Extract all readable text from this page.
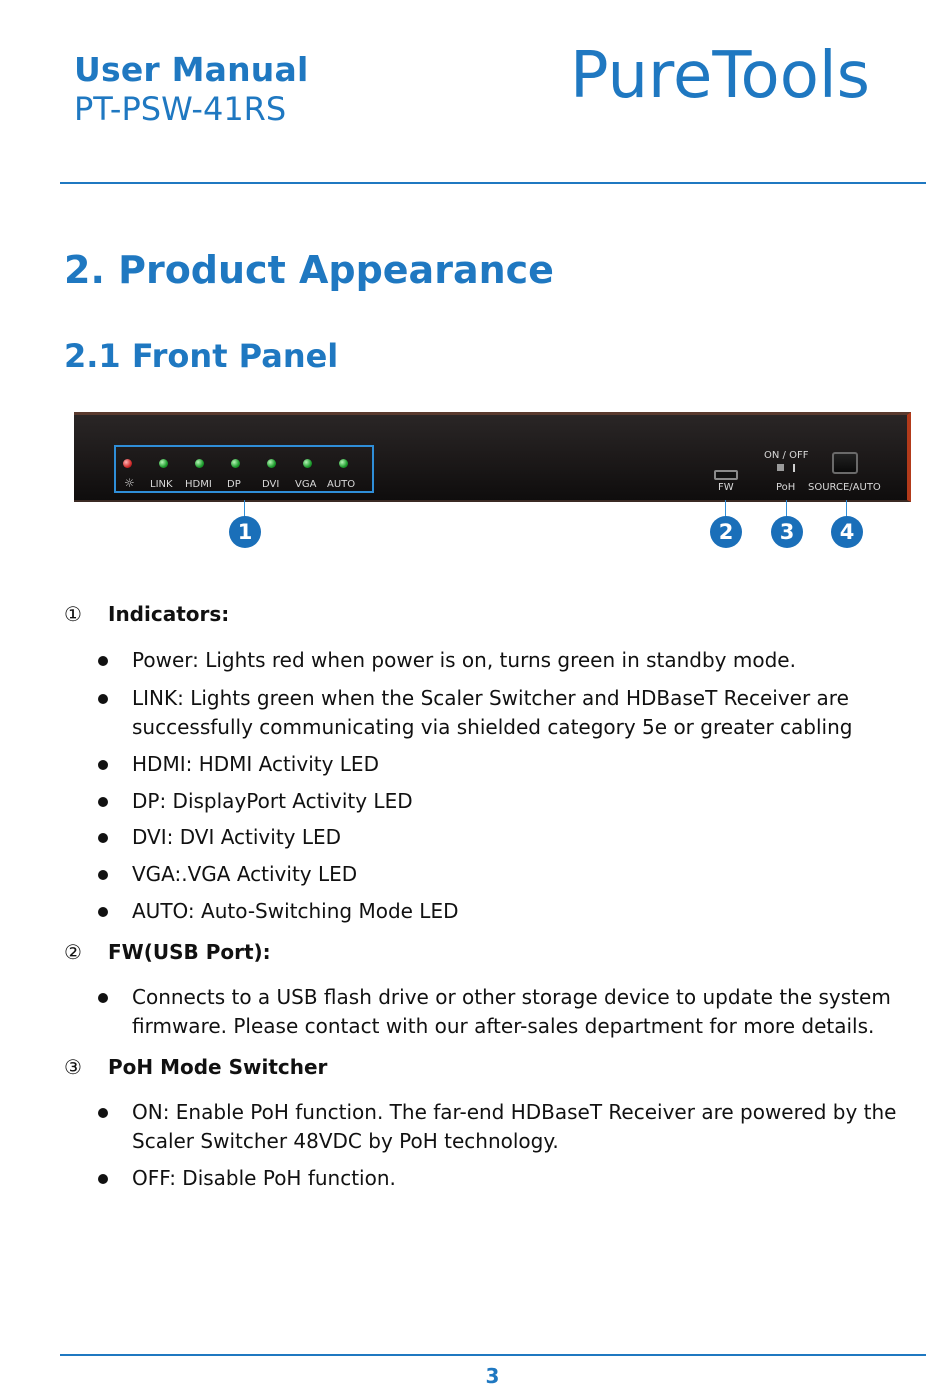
User Manual
PT-PSW-41RS	PureTools
2. Product Appearance
2.1 Front Panel
☼ LINK HDMI DP DVI VGA AUTO	FW
ON / OFF
PoH SOURCE/AUTO
1	2	3	4
① Indicators:
Power: Lights red when power is on, turns green in standby mode.
LINK: Lights green when the Scaler Switcher and HDBaseT Receiver are successfully communicating via shielded category 5e or greater cabling
HDMI: HDMI Activity LED
DP: DisplayPort Activity LED
DVI: DVI Activity LED
VGA:.VGA Activity LED
AUTO: Auto-Switching Mode LED
② FW(USB Port):
Connects to a USB flash drive or other storage device to update the system firmware. Please contact with our after-sales department for more details.
③ PoH Mode Switcher
ON: Enable PoH function. The far-end HDBaseT Receiver are powered by the Scaler Switcher 48VDC by PoH technology.
OFF: Disable PoH function.
3
